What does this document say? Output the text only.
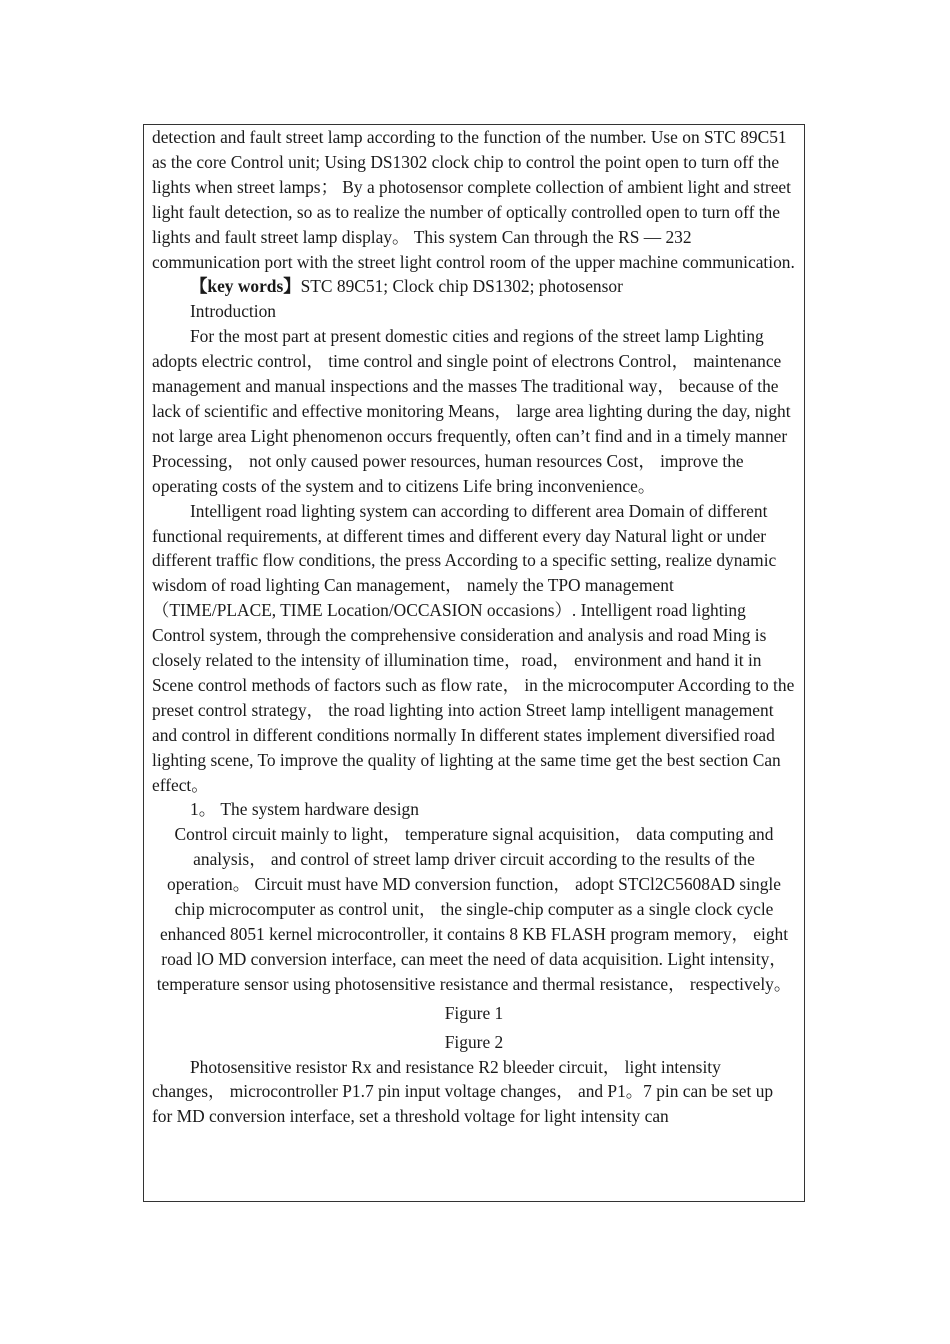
detection and fault street lamp according to the function of the number. Use on STC 89C51 as the core Control unit; Using DS1302 clock chip to control the point open to turn off the lights when street lamps； By a photosensor complete collection of ambient light and street light fault detection, so as to realize the number of optically controlled open to turn off the lights and fault street lamp display。 This system Can through the RS — 232 communication port with the street light control room of the upper machine communication.

【key words】STC 89C51; Clock chip DS1302; photosensor

Introduction

For the most part at present domestic cities and regions of the street lamp Lighting adopts electric control， time control and single point of electrons Control， maintenance management and manual inspections and the masses The traditional way， because of the lack of scientific and effective monitoring Means， large area lighting during the day, night not large area Light phenomenon occurs frequently, often can’t find and in a timely manner Processing， not only caused power resources, human resources Cost， improve the operating costs of the system and to citizens Life bring inconvenience。

Intelligent road lighting system can according to different area Domain of different functional requirements, at different times and different every day Natural light or under different traffic flow conditions, the press According to a specific setting, realize dynamic wisdom of road lighting Can management， namely the TPO management （TIME/PLACE, TIME Location/OCCASION occasions）. Intelligent road lighting Control system, through the comprehensive consideration and analysis and road Ming is closely related to the intensity of illumination time，road， environment and hand it in Scene control methods of factors such as flow rate， in the microcomputer According to the preset control strategy， the road lighting into action Street lamp intelligent management and control in different conditions normally In different states implement diversified road lighting scene, To improve the quality of lighting at the same time get the best section Can effect。

1。 The system hardware design

Control circuit mainly to light， temperature signal acquisition， data computing and analysis， and control of street lamp driver circuit according to the results of the operation。 Circuit must have MD conversion function， adopt STCl2C5608AD single chip microcomputer as control unit， the single-chip computer as a single clock cycle enhanced 8051 kernel microcontroller, it contains 8 KB FLASH program memory， eight road lO MD conversion interface, can meet the need of data acquisition. Light intensity， temperature sensor using photosensitive resistance and thermal resistance， respectively。

Figure 1

Figure 2

Photosensitive resistor Rx and resistance R2 bleeder circuit， light intensity changes， microcontroller P1.7 pin input voltage changes， and P1。7 pin can be set up for MD conversion interface, set a threshold voltage for light intensity can
